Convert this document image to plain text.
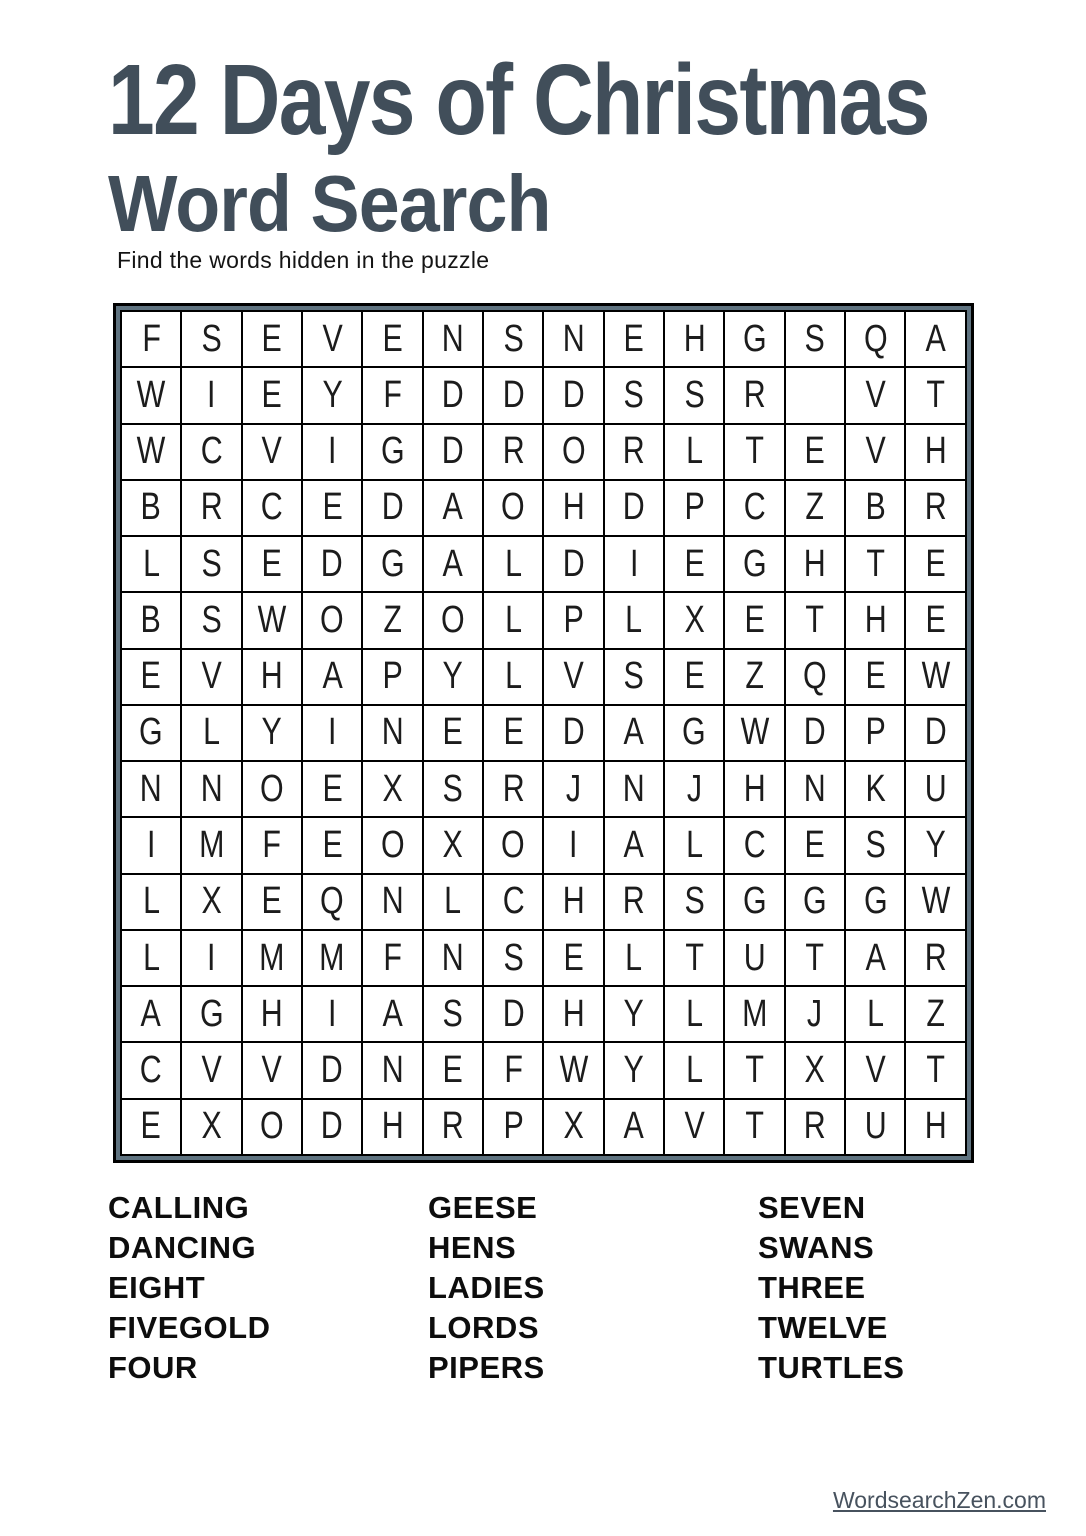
12 Days of Christmas
Word Search

Find the words hidden in the puzzle

F	S	E	V	E	N	S	N	E	H	G	S	Q	A
W	I	E	Y	F	D	D	D	S	S	R		V	T
W	C	V	I	G	D	R	O	R	L	T	E	V	H
B	R	C	E	D	A	O	H	D	P	C	Z	B	R
L	S	E	D	G	A	L	D	I	E	G	H	T	E
B	S	W	O	Z	O	L	P	L	X	E	T	H	E
E	V	H	A	P	Y	L	V	S	E	Z	Q	E	W
G	L	Y	I	N	E	E	D	A	G	W	D	P	D
N	N	O	E	X	S	R	J	N	J	H	N	K	U
I	M	F	E	O	X	O	I	A	L	C	E	S	Y
L	X	E	Q	N	L	C	H	R	S	G	G	G	W
L	I	M	M	F	N	S	E	L	T	U	T	A	R
A	G	H	I	A	S	D	H	Y	L	M	J	L	Z
C	V	V	D	N	E	F	W	Y	L	T	X	V	T
E	X	O	D	H	R	P	X	A	V	T	R	U	H
CALLING
DANCING
EIGHT
FIVEGOLD
FOUR
GEESE
HENS
LADIES
LORDS
PIPERS
SEVEN
SWANS
THREE
TWELVE
TURTLES
WordsearchZen.com
